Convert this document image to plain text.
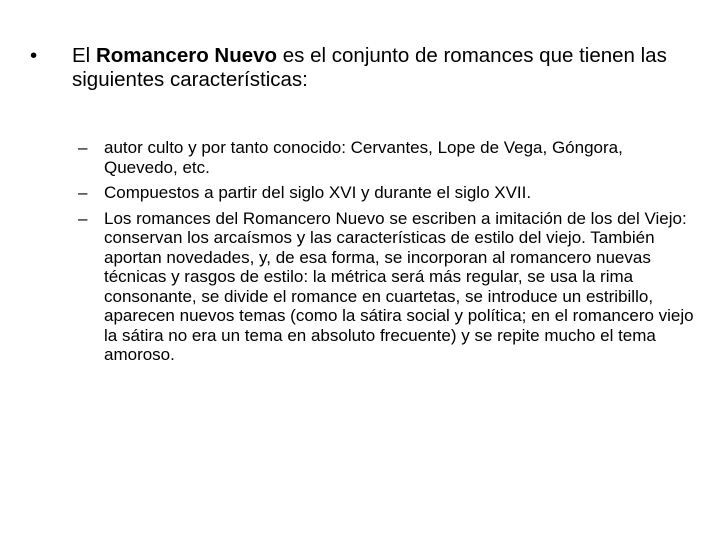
•	El Romancero Nuevo es el conjunto de romances que tienen las siguientes características:
– autor culto y por tanto conocido: Cervantes, Lope de Vega, Góngora, Quevedo, etc.
– Compuestos a partir del siglo XVI y durante el siglo XVII.
– Los romances del Romancero Nuevo se escriben a imitación de los del Viejo: conservan los arcaísmos y las características de estilo del viejo. También aportan novedades, y, de esa forma, se incorporan al romancero nuevas técnicas y rasgos de estilo: la métrica será más regular, se usa la rima consonante, se divide el romance en cuartetas, se introduce un estribillo, aparecen nuevos temas (como la sátira social y política; en el romancero viejo la sátira no era un tema en absoluto frecuente) y se repite mucho el tema amoroso.
